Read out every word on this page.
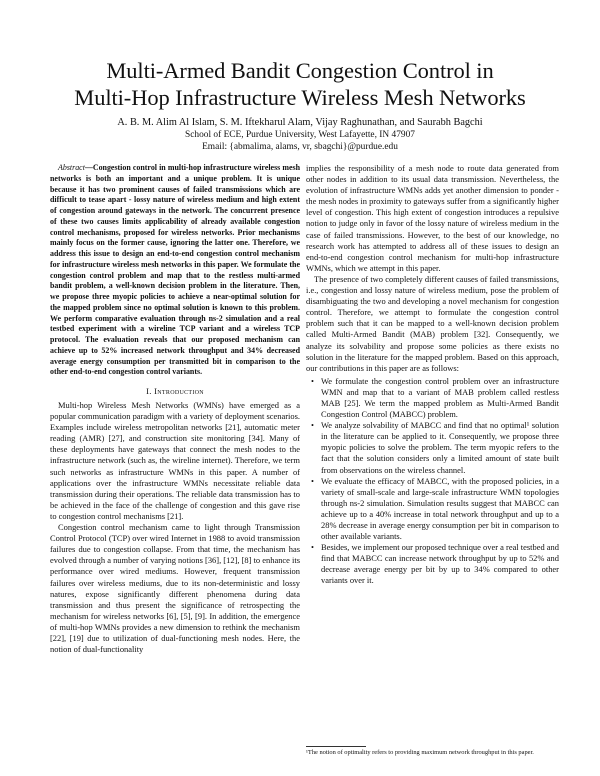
Multi-Armed Bandit Congestion Control in
Multi-Hop Infrastructure Wireless Mesh Networks
A. B. M. Alim Al Islam, S. M. Iftekharul Alam, Vijay Raghunathan, and Saurabh Bagchi
School of ECE, Purdue University, West Lafayette, IN 47907
Email: {abmalima, alams, vr, sbagchi}@purdue.edu

Abstract—Congestion control in multi-hop infrastructure wireless mesh networks is both an important and a unique problem. It is unique because it has two prominent causes of failed transmissions which are difficult to tease apart - lossy nature of wireless medium and high extent of congestion around gateways in the network. The concurrent presence of these two causes limits applicability of already available congestion control mechanisms, proposed for wireless networks. Prior mechanisms mainly focus on the former cause, ignoring the latter one. Therefore, we address this issue to design an end-to-end congestion control mechanism for infrastructure wireless mesh networks in this paper. We formulate the congestion control problem and map that to the restless multi-armed bandit problem, a well-known decision problem in the literature. Then, we propose three myopic policies to achieve a near-optimal solution for the mapped problem since no optimal solution is known to this problem. We perform comparative evaluation through ns-2 simulation and a real testbed experiment with a wireline TCP variant and a wireless TCP protocol. The evaluation reveals that our proposed mechanism can achieve up to 52% increased network throughput and 34% decreased average energy consumption per transmitted bit in comparison to the other end-to-end congestion control variants.

I. Introduction

Multi-hop Wireless Mesh Networks (WMNs) have emerged as a popular communication paradigm with a variety of deployment scenarios. Examples include wireless metropolitan networks [21], automatic meter reading (AMR) [27], and construction site monitoring [34]. Many of these deployments have gateways that connect the mesh nodes to the infrastructure network (such as, the wireline internet). Therefore, we term such networks as infrastructure WMNs in this paper. A number of applications over the infrastructure WMNs necessitate reliable data transmission during their operations. The reliable data transmission has to be achieved in the face of the challenge of congestion and this gave rise to congestion control mechanisms [21].

Congestion control mechanism came to light through Transmission Control Protocol (TCP) over wired Internet in 1988 to avoid transmission failures due to congestion collapse. From that time, the mechanism has evolved through a number of varying notions [36], [12], [8] to enhance its performance over wired mediums. However, frequent transmission failures over wireless mediums, due to its non-deterministic and lossy natures, expose significantly different phenomena during data transmission and thus present the significance of retrospecting the mechanism for wireless networks [6], [5], [9]. In addition, the emergence of multi-hop WMNs provides a new dimension to rethink the mechanism [22], [19] due to utilization of dual-functioning mesh nodes. Here, the notion of dual-functionality

implies the responsibility of a mesh node to route data generated from other nodes in addition to its usual data transmission. Nevertheless, the evolution of infrastructure WMNs adds yet another dimension to ponder - the mesh nodes in proximity to gateways suffer from a significantly higher level of congestion. This high extent of congestion introduces a repulsive notion to judge only in favor of the lossy nature of wireless medium in the case of failed transmissions. However, to the best of our knowledge, no research work has attempted to address all of these issues to design an end-to-end congestion control mechanism for multi-hop infrastructure WMNs, which we attempt in this paper.

The presence of two completely different causes of failed transmissions, i.e., congestion and lossy nature of wireless medium, pose the problem of disambiguating the two and developing a novel mechanism for congestion control. Therefore, we attempt to formulate the congestion control problem such that it can be mapped to a well-known decision problem called Multi-Armed Bandit (MAB) problem [32]. Consequently, we analyze its solvability and propose some policies as there exists no solution in the literature for the mapped problem. Based on this approach, our contributions in this paper are as follows:

• We formulate the congestion control problem over an infrastructure WMN and map that to a variant of MAB problem called restless MAB [25]. We term the mapped problem as Multi-Armed Bandit Congestion Control (MABCC) problem.
• We analyze solvability of MABCC and find that no optimal¹ solution in the literature can be applied to it. Consequently, we propose three myopic policies to solve the problem. The term myopic refers to the fact that the solution considers only a limited amount of state built from observations on the wireless channel.
• We evaluate the efficacy of MABCC, with the proposed policies, in a variety of small-scale and large-scale infrastructure WMN topologies through ns-2 simulation. Simulation results suggest that MABCC can achieve up to a 40% increase in total network throughput and up to a 28% decrease in average energy consumption per bit in comparison to other available variants.
• Besides, we implement our proposed technique over a real testbed and find that MABCC can increase network throughput by up to 52% and decrease average energy per bit by up to 34% compared to other variants over it.
¹The notion of optimality refers to providing maximum network throughput in this paper.
